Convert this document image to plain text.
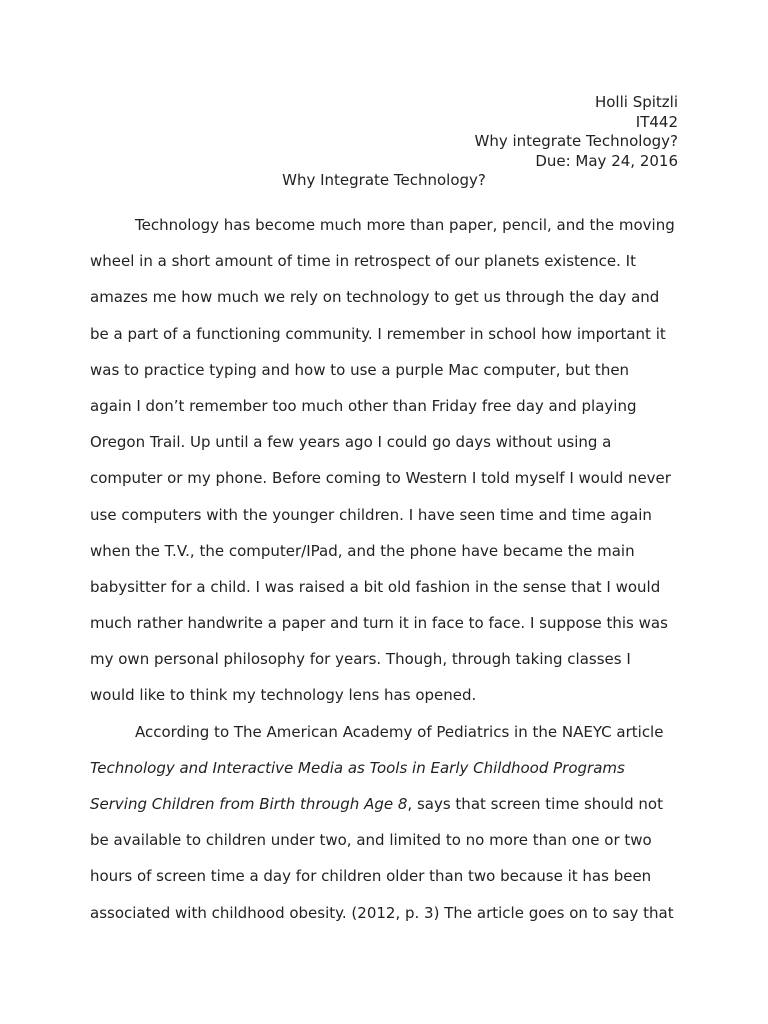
Holli Spitzli
IT442
Why integrate Technology?
Due: May 24, 2016
Why Integrate Technology?
Technology has become much more than paper, pencil, and the moving
wheel in a short amount of time in retrospect of our planets existence. It
amazes me how much we rely on technology to get us through the day and
be a part of a functioning community. I remember in school how important it
was to practice typing and how to use a purple Mac computer, but then
again I don’t remember too much other than Friday free day and playing
Oregon Trail. Up until a few years ago I could go days without using a
computer or my phone. Before coming to Western I told myself I would never
use computers with the younger children. I have seen time and time again
when the T.V., the computer/IPad, and the phone have became the main
babysitter for a child. I was raised a bit old fashion in the sense that I would
much rather handwrite a paper and turn it in face to face. I suppose this was
my own personal philosophy for years. Though, through taking classes I
would like to think my technology lens has opened.
According to The American Academy of Pediatrics in the NAEYC article
Technology and Interactive Media as Tools in Early Childhood Programs
Serving Children from Birth through Age 8, says that screen time should not
be available to children under two, and limited to no more than one or two
hours of screen time a day for children older than two because it has been
associated with childhood obesity. (2012, p. 3) The article goes on to say that
